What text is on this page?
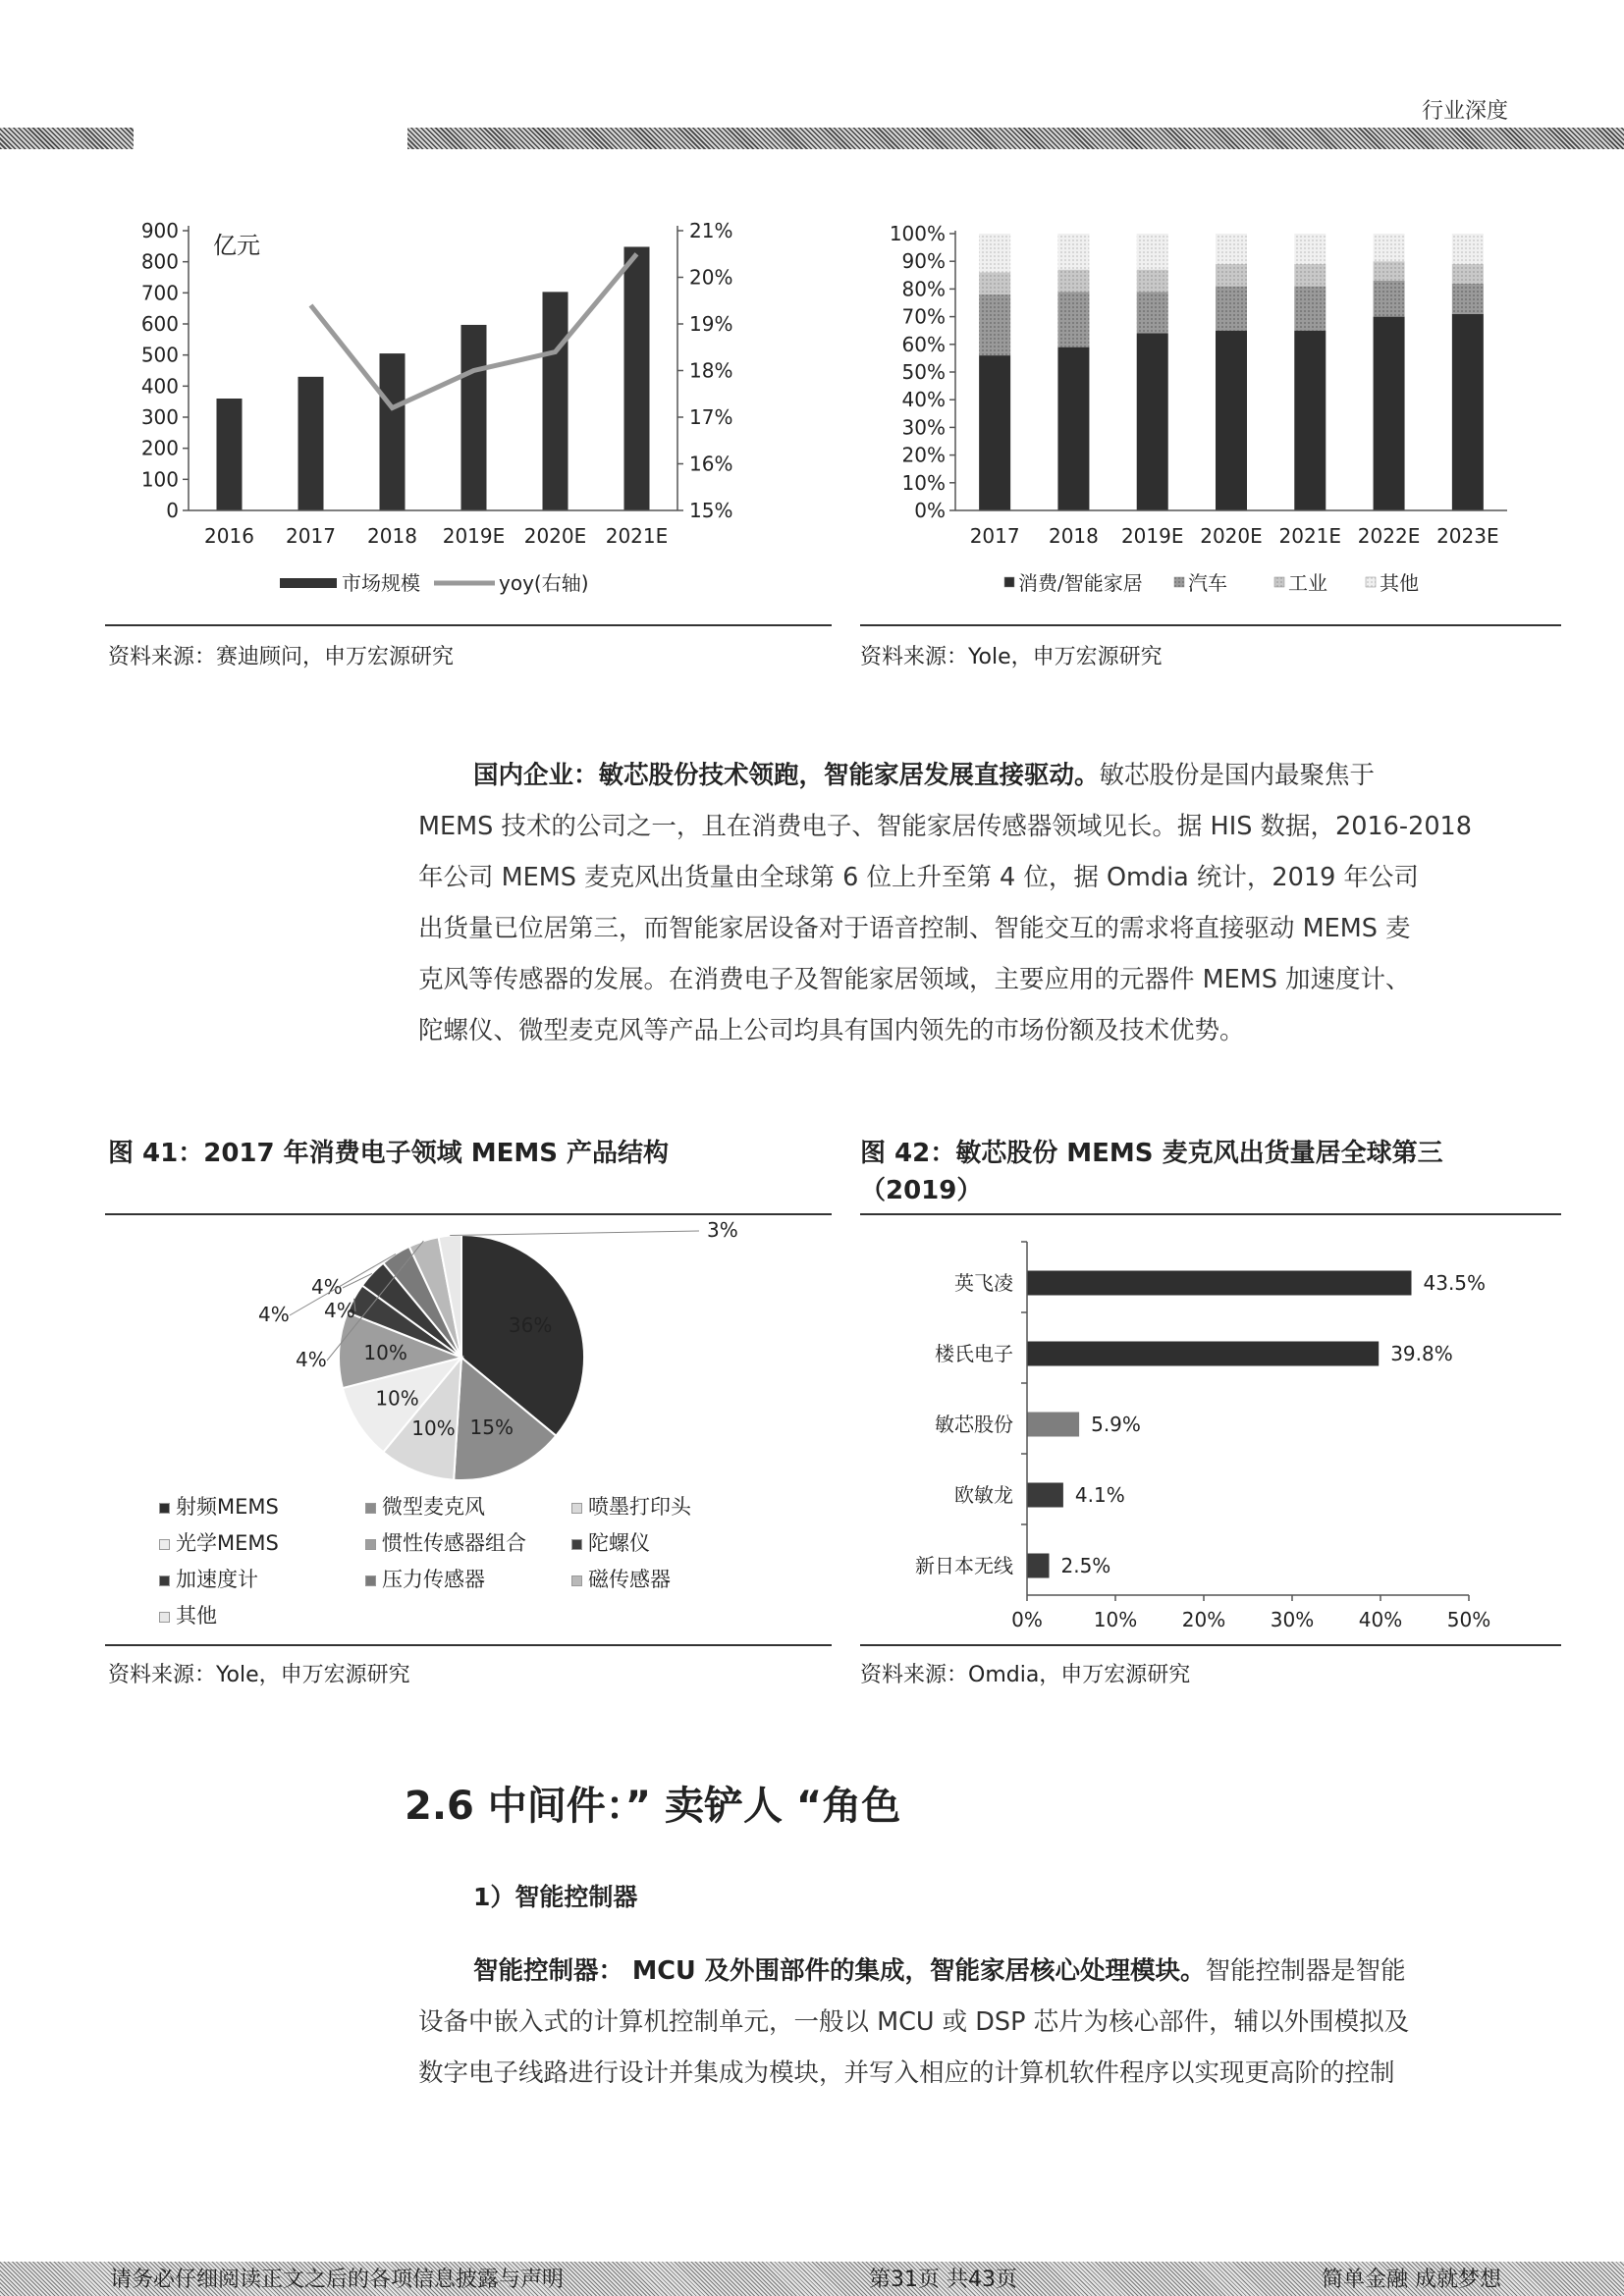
行业深度
亿元
0
100
200
300
400
500
600
700
800
900
15%
16%
17%
18%
19%
20%
21%
2016 2017 2018 2019E 2020E 2021E
市场规模	yoy(右轴)
资料来源：赛迪顾问，申万宏源研究
0%
10%
20%
30%
40%
50%
60%
70%
80%
90%
100%
2017 2018 2019E 2020E 2021E 2022E 2023E
消费/智能家居 汽车	工业	其他
资料来源：Yole，申万宏源研究
国内企业：敏芯股份技术领跑，智能家居发展直接驱动。敏芯股份是国内最聚焦于
MEMS 技术的公司之一，且在消费电子、智能家居传感器领域见长。据 HIS 数据，2016-2018
年公司 MEMS 麦克风出货量由全球第 6 位上升至第 4 位，据 Omdia 统计，2019 年公司
出货量已位居第三，而智能家居设备对于语音控制、智能交互的需求将直接驱动 MEMS 麦
克风等传感器的发展。在消费电子及智能家居领域，主要应用的元器件 MEMS 加速度计、
陀螺仪、微型麦克风等产品上公司均具有国内领先的市场份额及技术优势。
图 41：2017 年消费电子领域 MEMS 产品结构
36%
15%
10%
10%
10%
4%
4%
4%
4%
3%
射频MEMS	微型麦克风	喷墨打印头
光学MEMS	惯性传感器组合	陀螺仪
加速度计	压力传感器	磁传感器
其他
资料来源：Yole，申万宏源研究
图 42：敏芯股份 MEMS 麦克风出货量居全球第三
（2019）
英飞凌	43.5%
楼氏电子	39.8%
敏芯股份	5.9%
欧敏龙	4.1%
新日本无线 2.5%
0%	10% 20% 30% 40% 50%
资料来源：Omdia，申万宏源研究
2.6 中间件：” 卖铲人 “角色
1）智能控制器
智能控制器： MCU 及外围部件的集成，智能家居核心处理模块。智能控制器是智能
设备中嵌入式的计算机控制单元，一般以 MCU 或 DSP 芯片为核心部件，辅以外围模拟及
数字电子线路进行设计并集成为模块，并写入相应的计算机软件程序以实现更高阶的控制
请务必仔细阅读正文之后的各项信息披露与声明	第31页 共43页	简单金融 成就梦想
